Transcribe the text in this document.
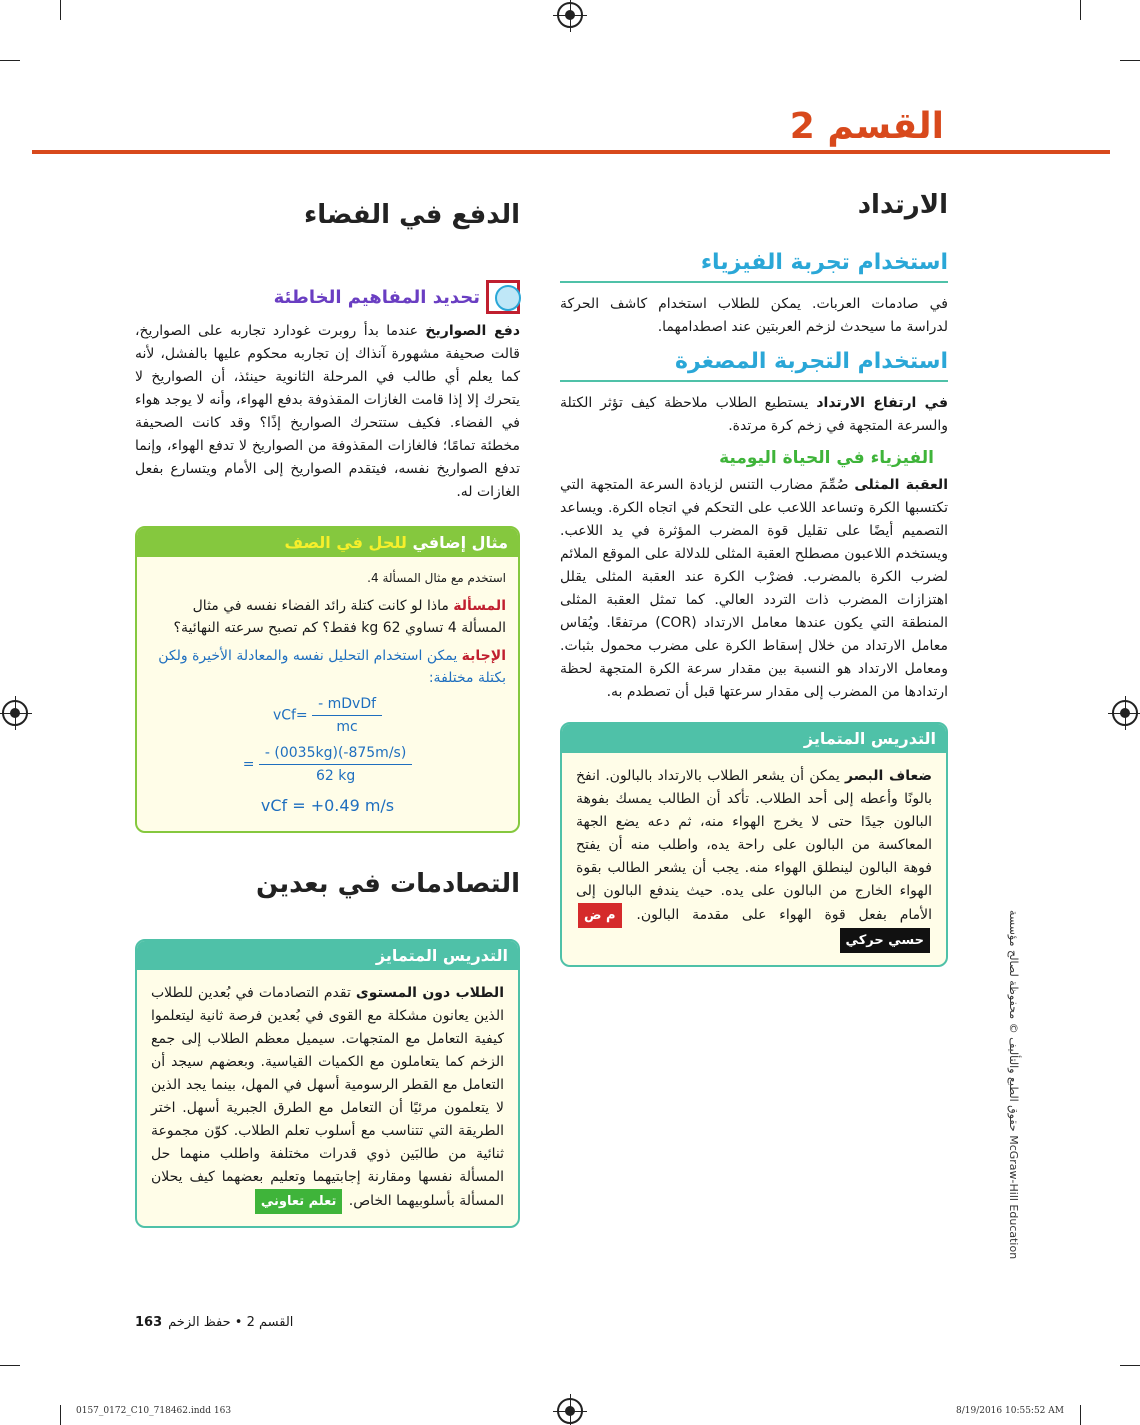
القسم 2
الارتداد
استخدام تجربة الفيزياء

في صادمات العربات. يمكن للطلاب استخدام كاشف الحركة لدراسة ما سيحدث لزخم العربتين عند اصطدامهما.

استخدام التجربة المصغرة

في ارتفاع الارتداد يستطيع الطلاب ملاحظة كيف تؤثر الكتلة والسرعة المتجهة في زخم كرة مرتدة.

الفيزياء في الحياة اليومية

العقبة المثلى صُمِّمَ مضارب التنس لزيادة السرعة المتجهة التي تكتسبها الكرة وتساعد اللاعب على التحكم في اتجاه الكرة. ويساعد التصميم أيضًا على تقليل قوة المضرب المؤثرة في يد اللاعب. ويستخدم اللاعبون مصطلح العقبة المثلى للدلالة على الموقع الملائم لضرب الكرة بالمضرب. فضرْب الكرة عند العقبة المثلى يقلل اهتزازات المضرب ذات التردد العالي. كما تمثل العقبة المثلى المنطقة التي يكون عندها معامل الارتداد (COR) مرتفعًا. ويُقاس معامل الارتداد من خلال إسقاط الكرة على مضرب محمول بثبات. ومعامل الارتداد هو النسبة بين مقدار سرعة الكرة المتجهة لحظة ارتدادها من المضرب إلى مقدار سرعتها قبل أن تصطدم به.

التدريس المتمايز
ضعاف البصر يمكن أن يشعر الطلاب بالارتداد بالبالون. انفخ بالونًا وأعطه إلى أحد الطلاب. تأكد أن الطالب يمسك بفوهة البالون جيدًا حتى لا يخرج الهواء منه، ثم دعه يضع الجهة المعاكسة من البالون على راحة يده، واطلب منه أن يفتح فوهة البالون لينطلق الهواء منه. يجب أن يشعر الطالب بقوة الهواء الخارج من البالون على يده. حيث يندفع البالون إلى الأمام بفعل قوة الهواء على مقدمة البالون. م ض حسي حركي
الدفع في الفضاء
تحديد المفاهيم الخاطئة

دفع الصواريخ عندما بدأ روبرت غودارد تجاربه على الصواريخ، قالت صحيفة مشهورة آنذاك إن تجاربه محكوم عليها بالفشل، لأنه كما يعلم أي طالب في المرحلة الثانوية حينئذ، أن الصواريخ لا يتحرك إلا إذا قامت الغازات المقذوفة بدفع الهواء، وأنه لا يوجد هواء في الفضاء. فكيف ستتحرك الصواريخ إذًا؟ وقد كانت الصحيفة مخطئة تمامًا؛ فالغازات المقذوفة من الصواريخ لا تدفع الهواء، وإنما تدفع الصواريخ نفسه، فيتقدم الصواريخ إلى الأمام ويتسارع بفعل الغازات له.

مثال إضافي للحل في الصف
استخدم مع مثال المسألة 4.

المسألة ماذا لو كانت كتلة رائد الفضاء نفسه في مثال المسألة 4 تساوي 62 kg فقط؟ كم تصبح سرعته النهائية؟

الإجابة يمكن استخدام التحليل نفسه والمعادلة الأخيرة ولكن بكتلة مختلفة:

$vCf= \frac{\text{- mDvDf}}{mc}$
= $\frac{- (0035kg)(-875m/s)}{62 kg}$
vCf = +0.49 m/s
التصادمات في بعدين
التدريس المتمايز
الطلاب دون المستوى تقدم التصادمات في بُعدين للطلاب الذين يعانون مشكلة مع القوى في بُعدين فرصة ثانية ليتعلموا كيفية التعامل مع المتجهات. سيميل معظم الطلاب إلى جمع الزخم كما يتعاملون مع الكميات القياسية. وبعضهم سيجد أن التعامل مع القطر الرسومية أسهل في المهل، بينما يجد الذين لا يتعلمون مرئيًا أن التعامل مع الطرق الجبرية أسهل. اختر الطريقة التي تتناسب مع أسلوب تعلم الطلاب. كوّن مجموعة ثنائية من طالبَين ذوي قدرات مختلفة واطلب منهما حل المسألة نفسها ومقارنة إجابتيهما وتعليم بعضهما كيف يحلان المسألة بأسلوبيهما الخاص. تعلم تعاوني
حقوق الطبع والتأليف © محفوظة لصالح مؤسسة McGraw-Hill Education
163 القسم 2 • حفظ الزخم
0157_0172_C10_718462.indd 163	8/19/2016 10:55:52 AM
